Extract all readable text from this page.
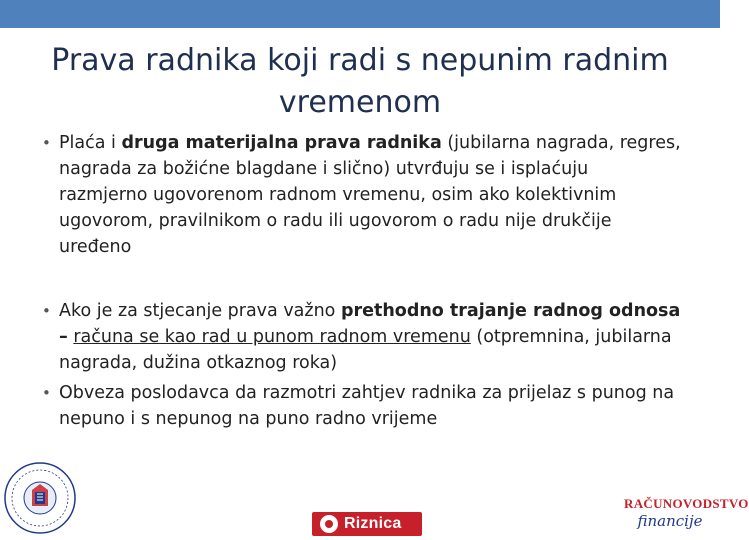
Prava radnika koji radi s nepunim radnim vremenom

• Plaća i druga materijalna prava radnika (jubilarna nagrada, regres, nagrada za božićne blagdane i slično) utvrđuju se i isplaćuju razmjerno ugovorenom radnom vremenu, osim ako kolektivnim ugovorom, pravilnikom o radu ili ugovorom o radu nije drukčije uređeno

• Ako je za stjecanje prava važno prethodno trajanje radnog odnosa – računa se kao rad u punom radnom vremenu (otpremnina, jubilarna nagrada, dužina otkaznog roka)

• Obveza poslodavca da razmotri zahtjev radnika za prijelaz s punog na nepuno i s nepunog na puno radno vrijeme

Riznica
RAČUNOVODSTVO
financije
